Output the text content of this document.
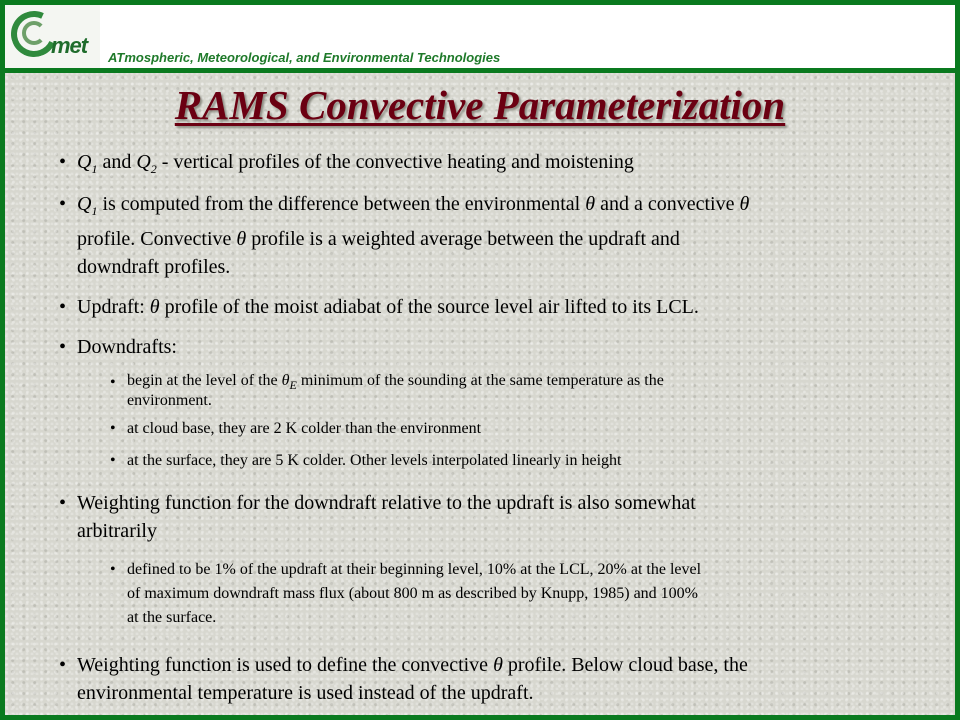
met ATmospheric, Meteorological, and Environmental Technologies
RAMS Convective Parameterization
• $Q_1$ and $Q_2$ - vertical profiles of the convective heating and moistening
• $Q_1$ is computed from the difference between the environmental θ and a convective θ
profile. Convective θ profile is a weighted average between the updraft and
downdraft profiles.
• Updraft: θ profile of the moist adiabat of the source level air lifted to its LCL.
• Downdrafts:
• begin at the level of the $\theta_E$ minimum of the sounding at the same temperature as the
environment.
• at cloud base, they are 2 K colder than the environment
• at the surface, they are 5 K colder. Other levels interpolated linearly in height
• Weighting function for the downdraft relative to the updraft is also somewhat
arbitrarily
• defined to be 1% of the updraft at their beginning level, 10% at the LCL, 20% at the level
of maximum downdraft mass flux (about 800 m as described by Knupp, 1985) and 100%
at the surface.
• Weighting function is used to define the convective θ profile. Below cloud base, the
environmental temperature is used instead of the updraft.
